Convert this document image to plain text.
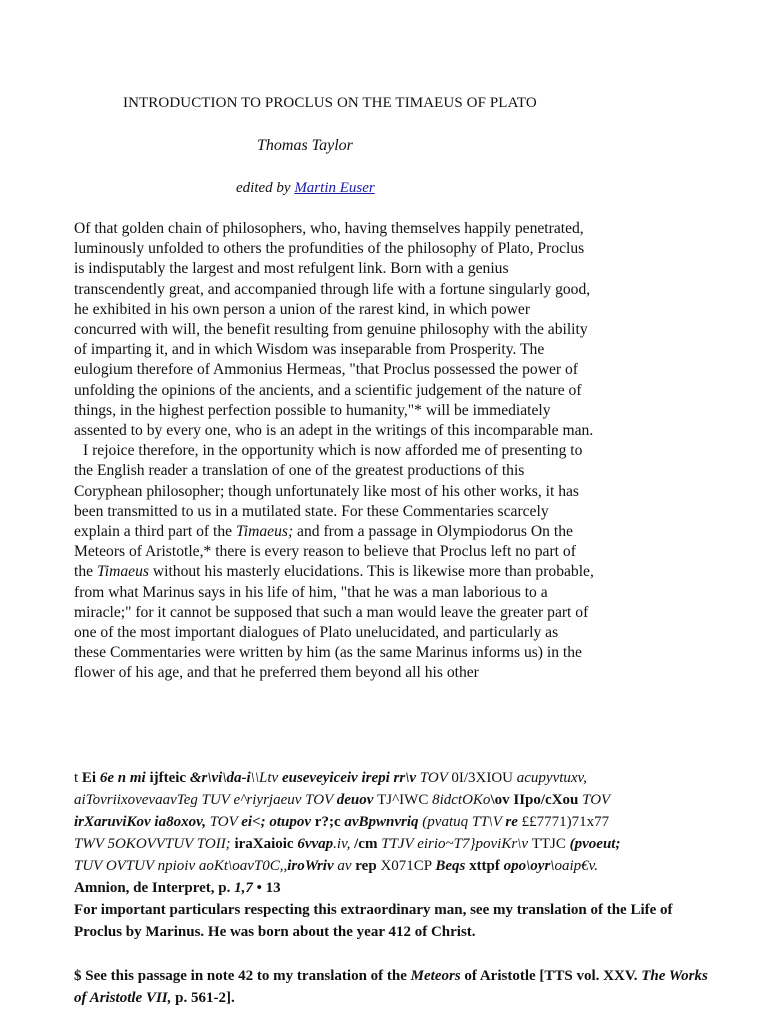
INTRODUCTION TO PROCLUS ON THE TIMAEUS OF PLATO
Thomas Taylor
edited by Martin Euser

Of that golden chain of philosophers, who, having themselves happily penetrated, luminously unfolded to others the profundities of the philosophy of Plato, Proclus is indisputably the largest and most refulgent link. Born with a genius transcendently great, and accompanied through life with a fortune singularly good, he exhibited in his own person a union of the rarest kind, in which power concurred with will, the benefit resulting from genuine philosophy with the ability of imparting it, and in which Wisdom was inseparable from Prosperity. The eulogium therefore of Ammonius Hermeas, "that Proclus possessed the power of unfolding the opinions of the ancients, and a scientific judgement of the nature of things, in the highest perfection possible to humanity,"* will be immediately assented to by every one, who is an adept in the writings of this incomparable man.

I rejoice therefore, in the opportunity which is now afforded me of presenting to the English reader a translation of one of the greatest productions of this Coryphean philosopher; though unfortunately like most of his other works, it has been transmitted to us in a mutilated state. For these Commentaries scarcely explain a third part of the Timaeus; and from a passage in Olympiodorus On the Meteors of Aristotle,* there is every reason to believe that Proclus left no part of the Timaeus without his masterly elucidations. This is likewise more than probable, from what Marinus says in his life of him, "that he was a man laborious to a miracle;" for it cannot be supposed that such a man would leave the greater part of one of the most important dialogues of Plato unelucidated, and particularly as these Commentaries were written by him (as the same Marinus informs us) in the flower of his age, and that he preferred them beyond all his other

t Ei 6e n mi ijfteic &r\vi\da-i\\Ltv euseveyiceiv irepi rr\v TOV 0I/3XIOU acupyvtuxv,
aiTovriixovevaavTeg TUV e^riyrjaeuv TOV deuov TJ^IWC 8idctOKo\ov IIpo/cXou TOV
irXaruviKov ia8oxov, TOV ei<; otupov r?;c avBpwnvriq (pvatuq TT\V re ££7771)71x77
TWV 5OKOVVTUV TOII; iraXaioic 6vvap.iv, /cm TTJV eirio~T7}poviKr\v TTJC (pvoeut;
TUV OVTUV npioiv aoKt\oavT0C,,iroWriv av rep X071CP Beqs xttpf opo\oyr\oaip€v.
Amnion, de Interpret, p. 1,7 • 13

For important particulars respecting this extraordinary man, see my translation of the Life of Proclus by Marinus. He was born about the year 412 of Christ.

$ See this passage in note 42 to my translation of the Meteors of Aristotle [TTS vol. XXV. The Works of Aristotle VII, p. 561-2].
